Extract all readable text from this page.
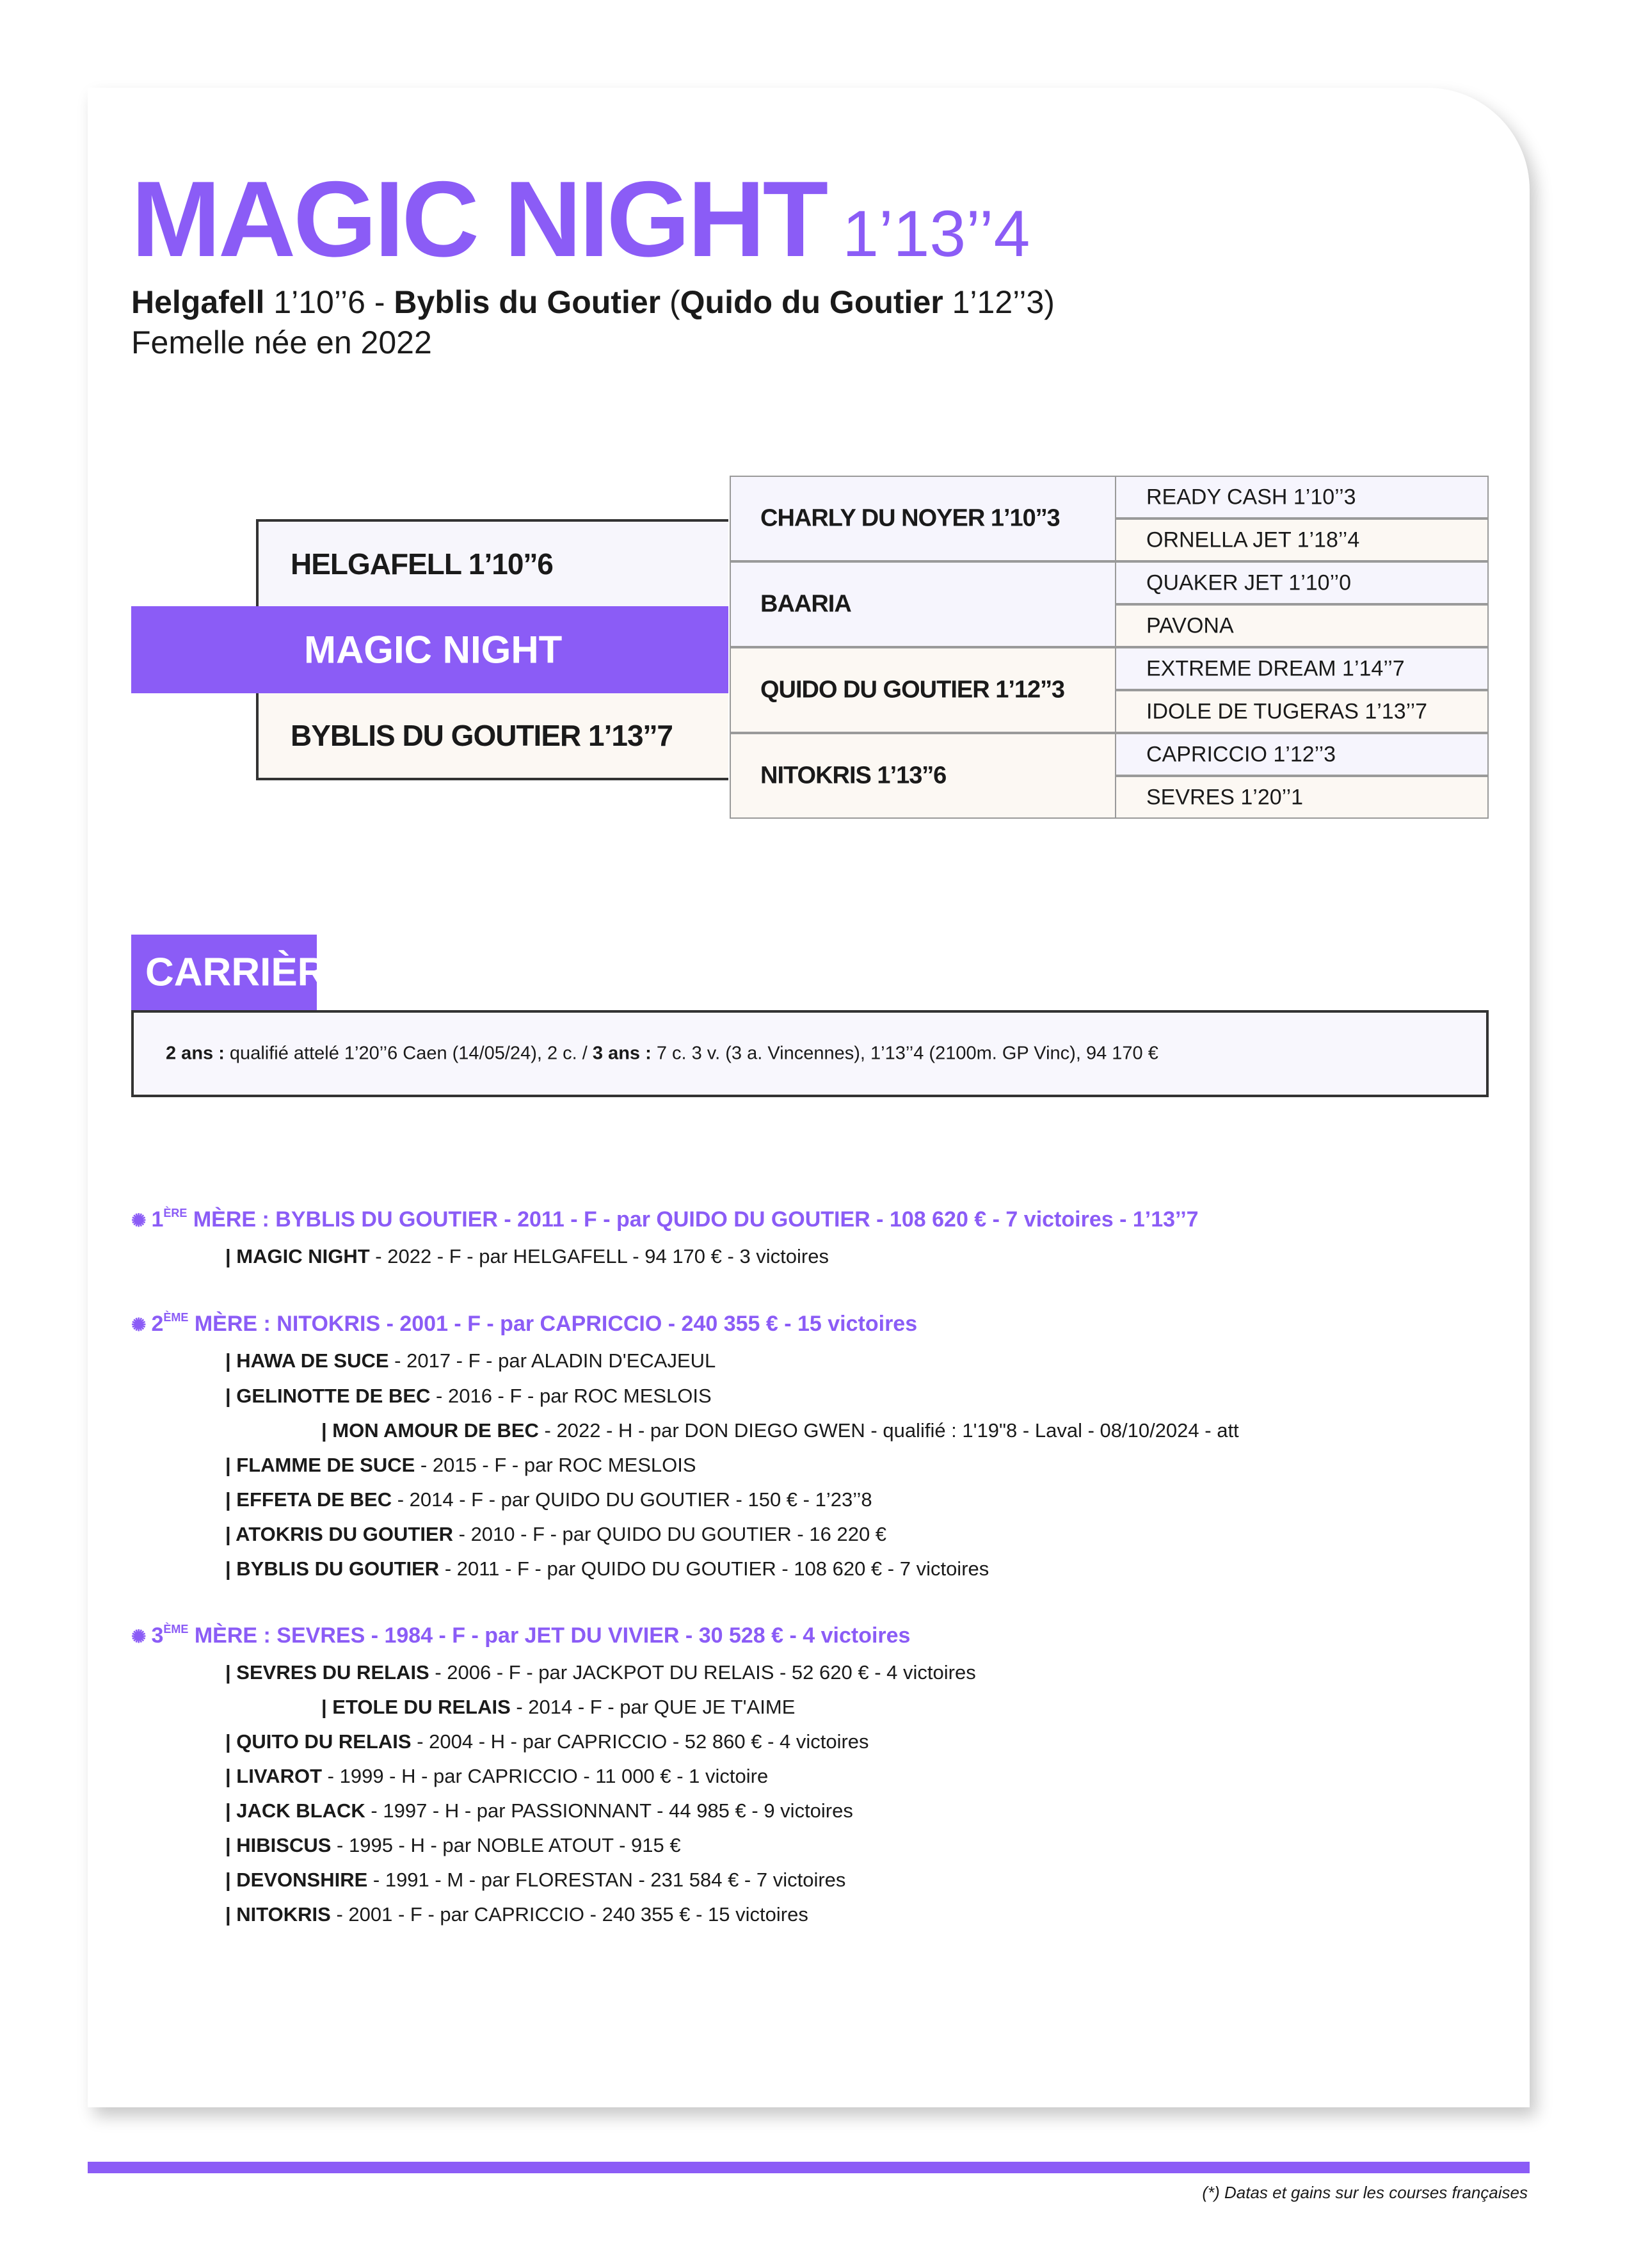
MAGIC NIGHT 1’13’’4
Helgafell 1’10’’6 - Byblis du Goutier (Quido du Goutier 1’12’’3)
Femelle née en 2022
HELGAFELL 1’10’’6
MAGIC NIGHT
BYBLIS DU GOUTIER 1’13’’7
CHARLY DU NOYER 1’10’’3
BAARIA
QUIDO DU GOUTIER 1’12’’3
NITOKRIS 1’13’’6
READY CASH 1’10’’3
ORNELLA JET 1’18’’4
QUAKER JET 1’10’’0
PAVONA
EXTREME DREAM 1’14’’7
IDOLE DE TUGERAS 1’13’’7
CAPRICCIO 1’12’’3
SEVRES 1’20’’1
CARRIÈRE

2 ans : qualifié attelé 1’20’’6 Caen (14/05/24), 2 c. / 3 ans : 7 c. 3 v. (3 a. Vincennes), 1’13’’4 (2100m. GP Vinc), 94 170 €

✺ 1ÈRE MÈRE : BYBLIS DU GOUTIER - 2011 - F - par QUIDO DU GOUTIER - 108 620 € - 7 victoires - 1’13’’7
| MAGIC NIGHT - 2022 - F - par HELGAFELL - 94 170 € - 3 victoires
✺ 2ÈME MÈRE : NITOKRIS - 2001 - F - par CAPRICCIO - 240 355 € - 15 victoires
| HAWA DE SUCE - 2017 - F - par ALADIN D'ECAJEUL
| GELINOTTE DE BEC - 2016 - F - par ROC MESLOIS
| MON AMOUR DE BEC - 2022 - H - par DON DIEGO GWEN - qualifié : 1'19"8 - Laval - 08/10/2024 - att
| FLAMME DE SUCE - 2015 - F - par ROC MESLOIS
| EFFETA DE BEC - 2014 - F - par QUIDO DU GOUTIER - 150 € - 1’23’’8
| ATOKRIS DU GOUTIER - 2010 - F - par QUIDO DU GOUTIER - 16 220 €
| BYBLIS DU GOUTIER - 2011 - F - par QUIDO DU GOUTIER - 108 620 € - 7 victoires
✺ 3ÈME MÈRE : SEVRES - 1984 - F - par JET DU VIVIER - 30 528 € - 4 victoires
| SEVRES DU RELAIS - 2006 - F - par JACKPOT DU RELAIS - 52 620 € - 4 victoires
| ETOLE DU RELAIS - 2014 - F - par QUE JE T'AIME
| QUITO DU RELAIS - 2004 - H - par CAPRICCIO - 52 860 € - 4 victoires
| LIVAROT - 1999 - H - par CAPRICCIO - 11 000 € - 1 victoire
| JACK BLACK - 1997 - H - par PASSIONNANT - 44 985 € - 9 victoires
| HIBISCUS - 1995 - H - par NOBLE ATOUT - 915 €
| DEVONSHIRE - 1991 - M - par FLORESTAN - 231 584 € - 7 victoires
| NITOKRIS - 2001 - F - par CAPRICCIO - 240 355 € - 15 victoires
(*) Datas et gains sur les courses françaises
